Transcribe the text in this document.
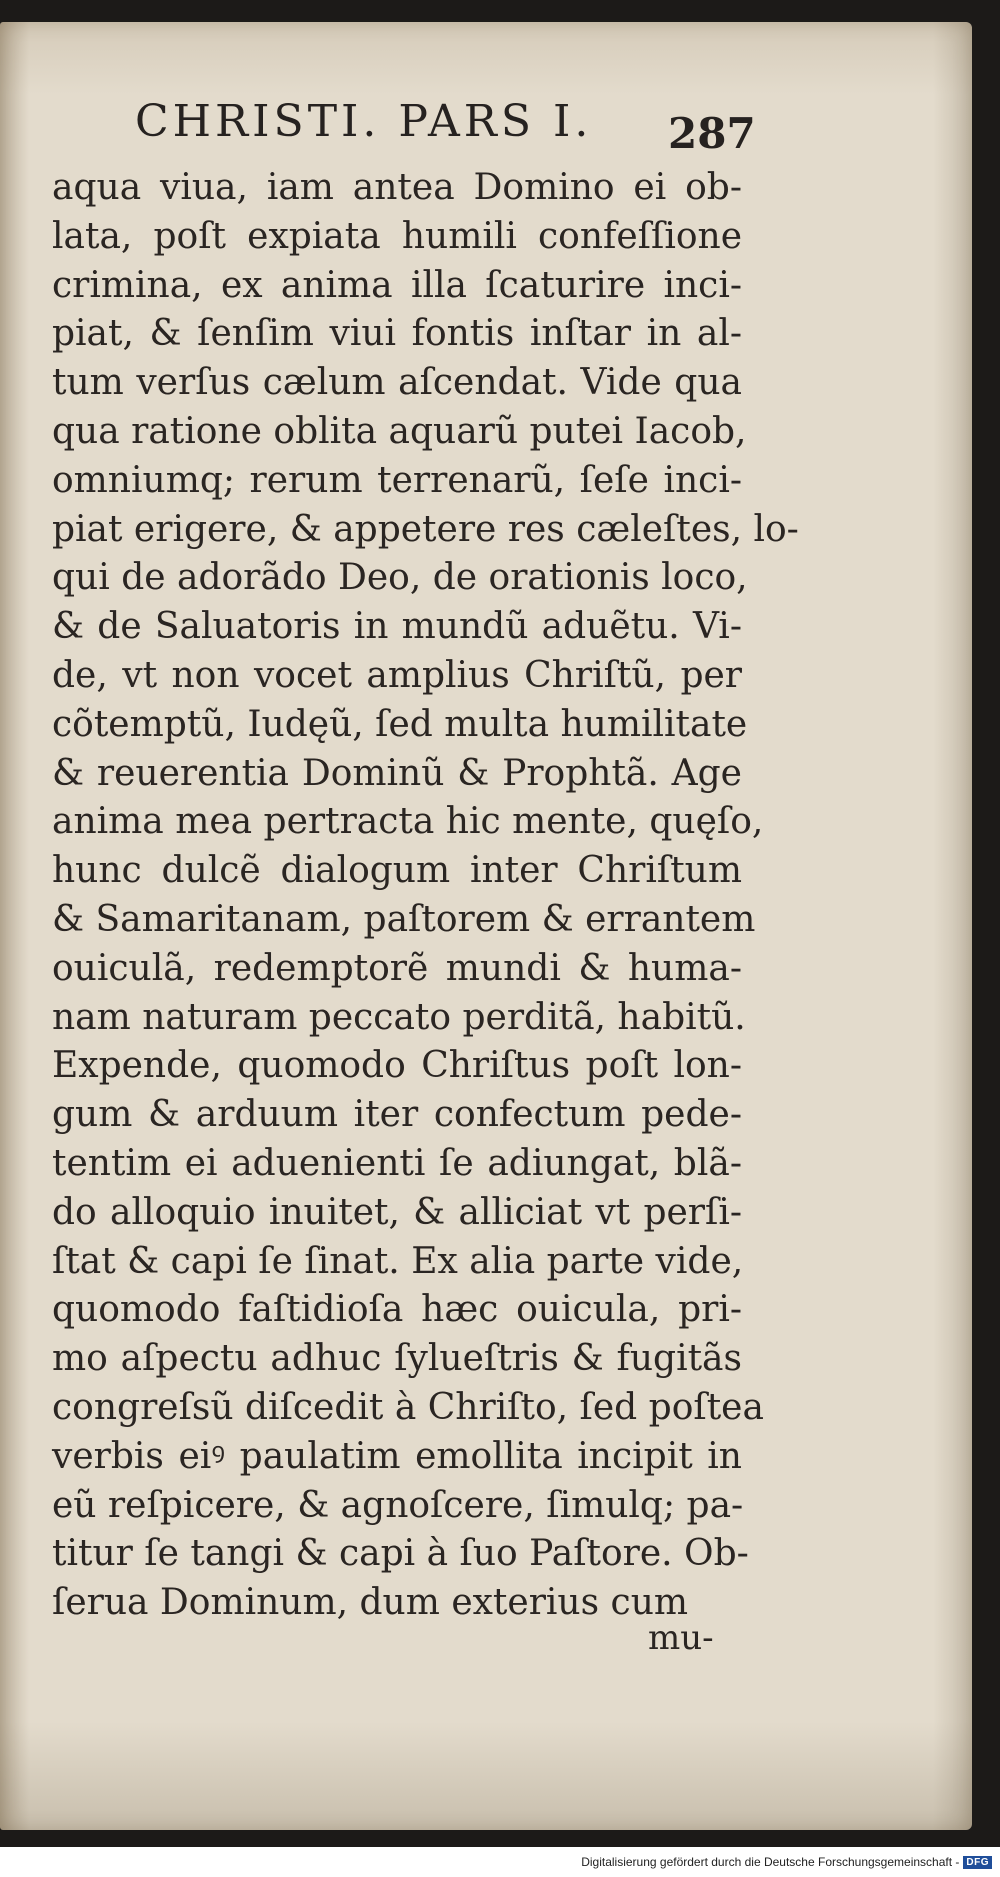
CHRISTI. PARS I. 287
aqua viua, iam antea Domino ei ob-
lata, poſt expiata humili confeſſione
crimina, ex anima illa ſcaturire inci-
piat, & ſenſim viui fontis inſtar in al-
tum verſus cælum aſcendat. Vide qua
qua ratione oblita aquarũ putei Iacob,
omniumq; rerum terrenarũ, ſeſe inci-
piat erigere, & appetere res cæleſtes, lo-
qui de adorãdo Deo, de orationis loco,
& de Saluatoris in mundũ aduẽtu. Vi-
de, vt non vocet amplius Chriſtũ, per
cõtemptũ, Iudęũ, ſed multa humilitate
& reuerentia Dominũ & Prophtã. Age
anima mea pertracta hic mente, quęſo,
hunc dulcẽ dialogum inter Chriſtum
& Samaritanam, paſtorem & errantem
ouiculã, redemptorẽ mundi & huma-
nam naturam peccato perditã, habitũ.
Expende, quomodo Chriſtus poſt lon-
gum & arduum iter confectum pede-
tentim ei aduenienti ſe adiungat, blã-
do alloquio inuitet, & alliciat vt perſi-
ſtat & capi ſe ſinat. Ex alia parte vide,
quomodo faſtidioſa hæc ouicula, pri-
mo aſpectu adhuc ſylueſtris & fugitãs
congreſsũ diſcedit à Chriſto, ſed poſtea
verbis eiꝰ paulatim emollita incipit in
eũ reſpicere, & agnoſcere, ſimulq; pa-
titur ſe tangi & capi à ſuo Paſtore. Ob-
ſerua Dominum, dum exterius cum
mu-
Digitalisierung gefördert durch die Deutsche Forschungsgemeinschaft - DFG
